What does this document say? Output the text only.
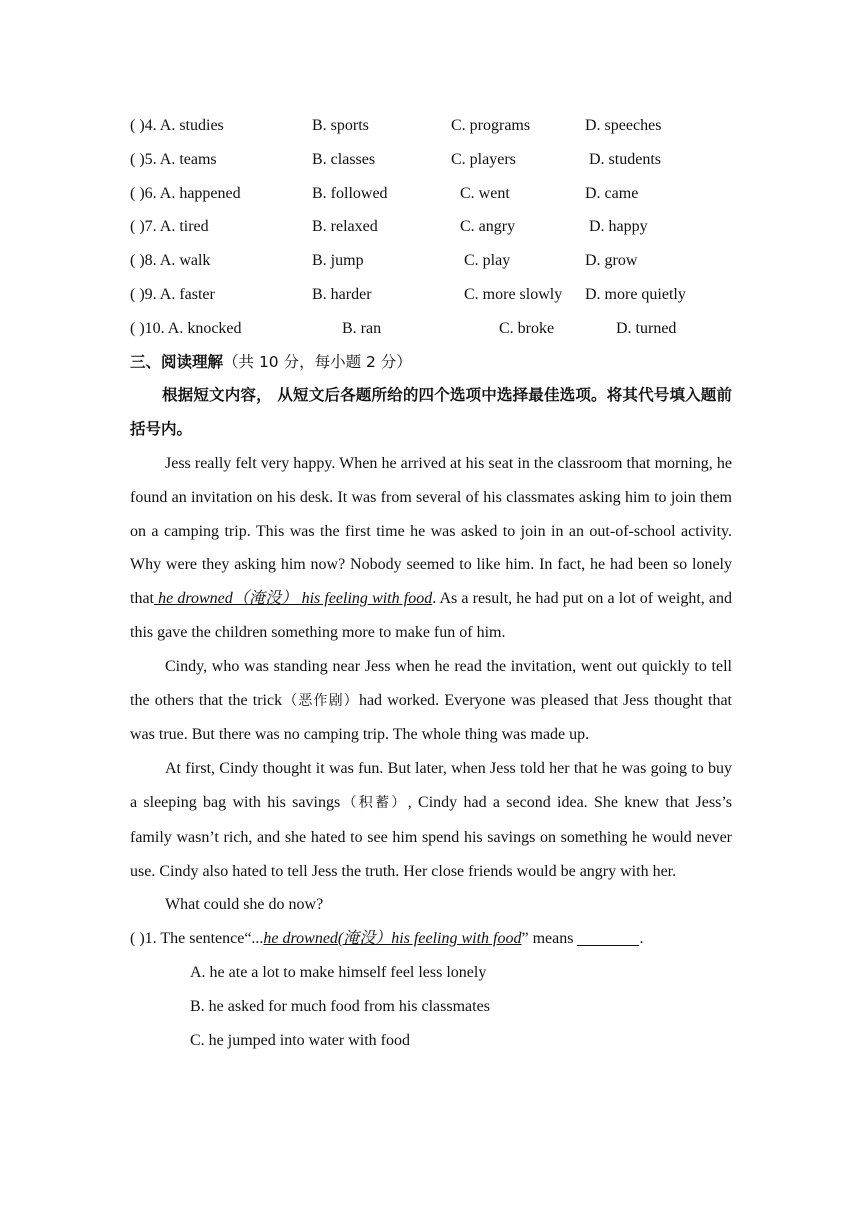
( )4. A. studies	B. sports	C. programs	D. speeches
( )5. A. teams	B. classes	C. players	D. students
( )6. A. happened	B. followed	C. went	D. came
( )7. A. tired	B. relaxed	C. angry	D. happy
( )8. A. walk	B. jump	C. play	D. grow
( )9. A. faster	B. harder	C. more slowly D. more quietly
( )10. A. knocked	B. ran	C. broke	D. turned
三、阅读理解（共 10 分，每小题 2 分）
根据短文内容， 从短文后各题所给的四个选项中选择最佳选项。将其代号填入题前括号内。

Jess really felt very happy. When he arrived at his seat in the classroom that morning, he found an invitation on his desk. It was from several of his classmates asking him to join them on a camping trip. This was the first time he was asked to join in an out-of-school activity. Why were they asking him now? Nobody seemed to like him. In fact, he had been so lonely that he drowned（淹没） his feeling with food. As a result, he had put on a lot of weight, and this gave the children something more to make fun of him.

Cindy, who was standing near Jess when he read the invitation, went out quickly to tell the others that the trick（恶作剧）had worked. Everyone was pleased that Jess thought that was true. But there was no camping trip. The whole thing was made up.

At first, Cindy thought it was fun. But later, when Jess told her that he was going to buy a sleeping bag with his savings（积蓄）, Cindy had a second idea. She knew that Jess’s family wasn’t rich, and she hated to see him spend his savings on something he would never use. Cindy also hated to tell Jess the truth. Her close friends would be angry with her.

What could she do now?

( )1. The sentence“...he drowned(淹没）his feeling with food” means	.
A. he ate a lot to make himself feel less lonely
B. he asked for much food from his classmates
C. he jumped into water with food
